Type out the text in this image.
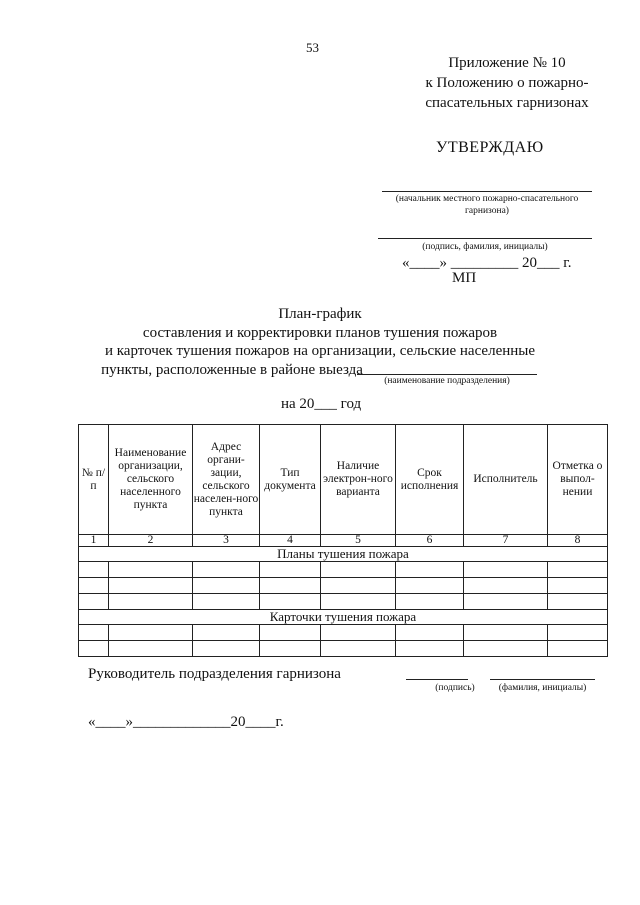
53
Приложение № 10
к Положению о пожарно-
спасательных гарнизонах
УТВЕРЖДАЮ
(начальник местного пожарно-спасательного гарнизона)
(подпись, фамилия, инициалы)
«____» _________ 20___ г.
МП
План-график
составления и корректировки планов тушения пожаров
и карточек тушения пожаров на организации, сельские населенные
пункты, расположенные в районе выезда
(наименование подразделения)
на 20___ год
№ п/п	Наименование организации, сельского населенного пункта	Адрес органи-зации, сельского населен-ного пункта	Тип документа	Наличие электрон-ного варианта	Срок исполнения	Исполнитель	Отметка о выпол-нении
1	2	3	4	5	6	7	8
Планы тушения пожара							

Карточки тушения пожара							

Руководитель подразделения гарнизона
(подпись)	(фамилия, инициалы)
«____»_____________20____г.
